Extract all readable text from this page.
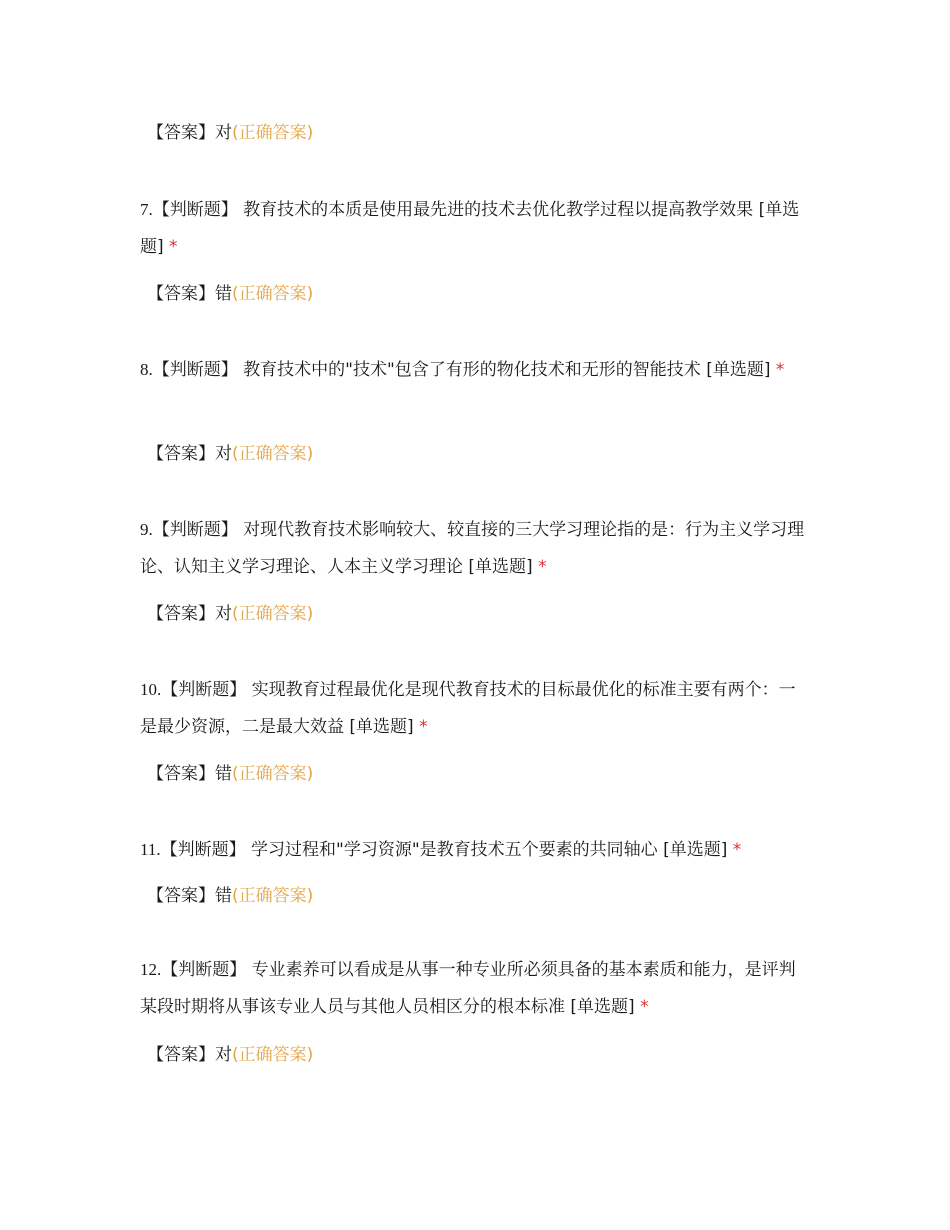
【答案】对(正确答案)
7.【判断题】 教育技术的本质是使用最先进的技术去优化教学过程以提高教学效果 [单选题] *
【答案】错(正确答案)
8.【判断题】 教育技术中的"技术"包含了有形的物化技术和无形的智能技术 [单选题] *
【答案】对(正确答案)
9.【判断题】 对现代教育技术影响较大、较直接的三大学习理论指的是：行为主义学习理论、认知主义学习理论、人本主义学习理论 [单选题] *
【答案】对(正确答案)
10.【判断题】 实现教育过程最优化是现代教育技术的目标最优化的标准主要有两个：一是最少资源，二是最大效益 [单选题] *
【答案】错(正确答案)
11.【判断题】 学习过程和"学习资源"是教育技术五个要素的共同轴心 [单选题] *
【答案】错(正确答案)
12.【判断题】 专业素养可以看成是从事一种专业所必须具备的基本素质和能力，是评判某段时期将从事该专业人员与其他人员相区分的根本标准 [单选题] *
【答案】对(正确答案)
